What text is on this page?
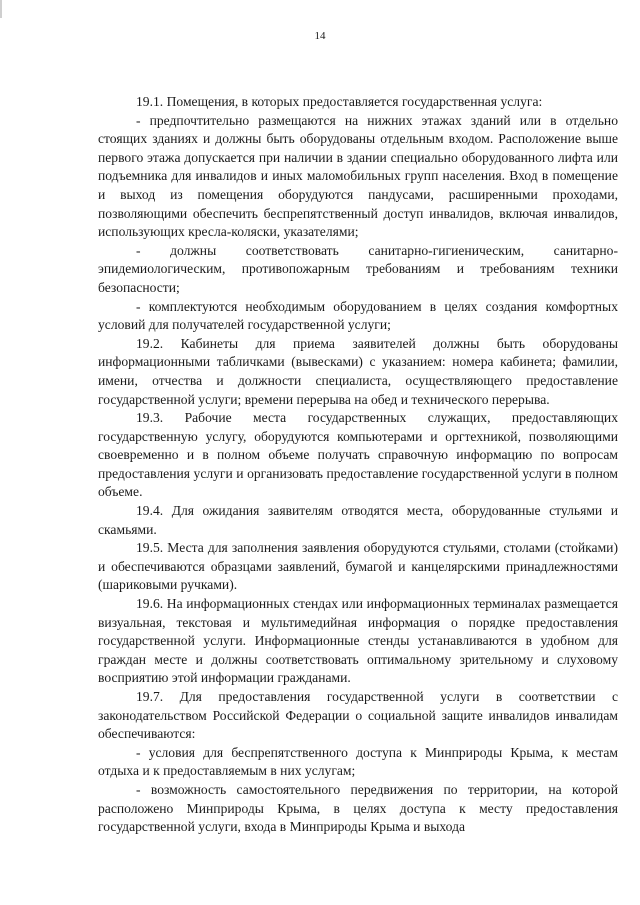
14

19.1. Помещения, в которых предоставляется государственная услуга:

- предпочтительно размещаются на нижних этажах зданий или в отдельно стоящих зданиях и должны быть оборудованы отдельным входом. Расположение выше первого этажа допускается при наличии в здании специально оборудованного лифта или подъемника для инвалидов и иных маломобильных групп населения. Вход в помещение и выход из помещения оборудуются пандусами, расширенными проходами, позволяющими обеспечить беспрепятственный доступ инвалидов, включая инвалидов, использующих кресла-коляски, указателями;

- должны соответствовать санитарно-гигиеническим, санитарно-эпидемиологическим, противопожарным требованиям и требованиям техники безопасности;

- комплектуются необходимым оборудованием в целях создания комфортных условий для получателей государственной услуги;

19.2. Кабинеты для приема заявителей должны быть оборудованы информационными табличками (вывесками) с указанием: номера кабинета; фамилии, имени, отчества и должности специалиста, осуществляющего предоставление государственной услуги; времени перерыва на обед и технического перерыва.

19.3. Рабочие места государственных служащих, предоставляющих государственную услугу, оборудуются компьютерами и оргтехникой, позволяющими своевременно и в полном объеме получать справочную информацию по вопросам предоставления услуги и организовать предоставление государственной услуги в полном объеме.

19.4. Для ожидания заявителям отводятся места, оборудованные стульями и скамьями.

19.5. Места для заполнения заявления оборудуются стульями, столами (стойками) и обеспечиваются образцами заявлений, бумагой и канцелярскими принадлежностями (шариковыми ручками).

19.6. На информационных стендах или информационных терминалах размещается визуальная, текстовая и мультимедийная информация о порядке предоставления государственной услуги. Информационные стенды устанавливаются в удобном для граждан месте и должны соответствовать оптимальному зрительному и слуховому восприятию этой информации гражданами.

19.7. Для предоставления государственной услуги в соответствии с законодательством Российской Федерации о социальной защите инвалидов инвалидам обеспечиваются:

- условия для беспрепятственного доступа к Минприроды Крыма, к местам отдыха и к предоставляемым в них услугам;

- возможность самостоятельного передвижения по территории, на которой расположено Минприроды Крыма, в целях доступа к месту предоставления государственной услуги, входа в Минприроды Крыма и выхода
